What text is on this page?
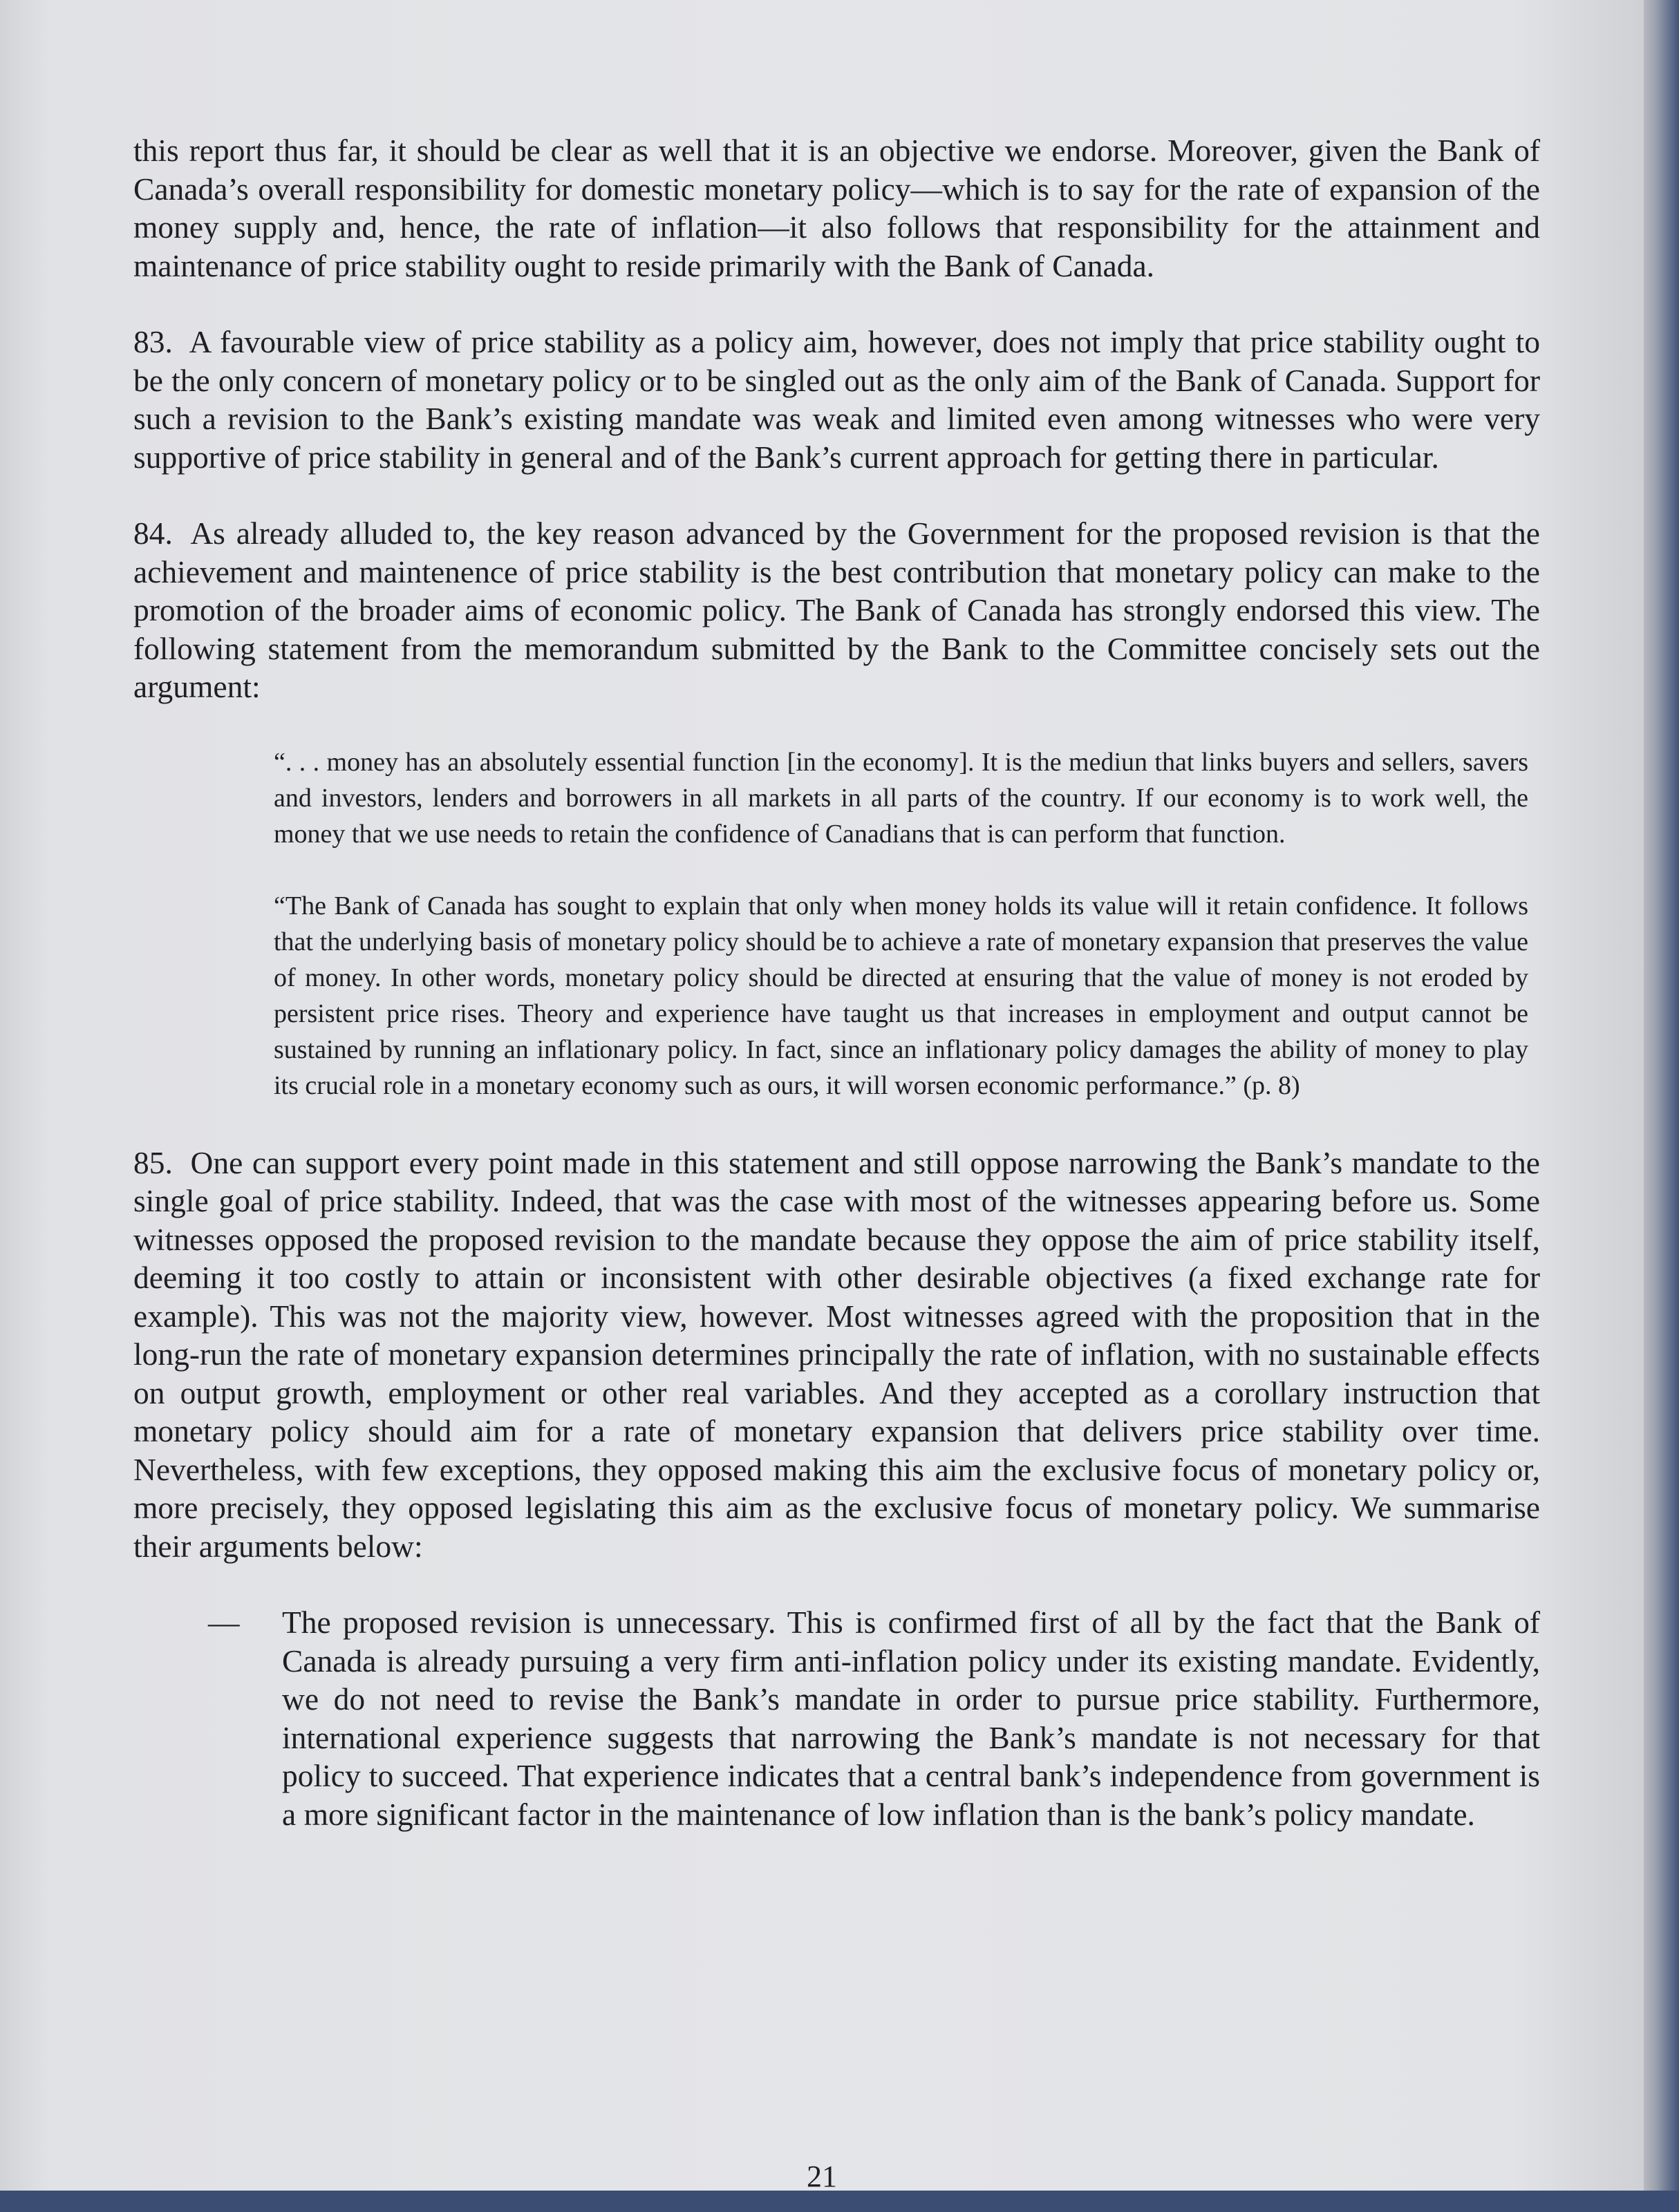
this report thus far, it should be clear as well that it is an objective we endorse. Moreover, given the Bank of Canada’s overall responsibility for domestic monetary policy—which is to say for the rate of expansion of the money supply and, hence, the rate of inflation—it also follows that responsibility for the attainment and maintenance of price stability ought to reside primarily with the Bank of Canada.

83. A favourable view of price stability as a policy aim, however, does not imply that price stability ought to be the only concern of monetary policy or to be singled out as the only aim of the Bank of Canada. Support for such a revision to the Bank’s existing mandate was weak and limited even among witnesses who were very supportive of price stability in general and of the Bank’s current approach for getting there in particular.

84. As already alluded to, the key reason advanced by the Government for the proposed revision is that the achievement and maintenence of price stability is the best contribution that monetary policy can make to the promotion of the broader aims of economic policy. The Bank of Canada has strongly endorsed this view. The following statement from the memorandum submitted by the Bank to the Committee concisely sets out the argument:

“. . . money has an absolutely essential function [in the economy]. It is the mediun that links buyers and sellers, savers and investors, lenders and borrowers in all markets in all parts of the country. If our economy is to work well, the money that we use needs to retain the confidence of Canadians that is can perform that function.

“The Bank of Canada has sought to explain that only when money holds its value will it retain confidence. It follows that the underlying basis of monetary policy should be to achieve a rate of monetary expansion that preserves the value of money. In other words, monetary policy should be directed at ensuring that the value of money is not eroded by persistent price rises. Theory and experience have taught us that increases in employment and output cannot be sustained by running an inflationary policy. In fact, since an inflationary policy damages the ability of money to play its crucial role in a monetary economy such as ours, it will worsen economic performance.” (p. 8)

85. One can support every point made in this statement and still oppose narrowing the Bank’s mandate to the single goal of price stability. Indeed, that was the case with most of the witnesses appearing before us. Some witnesses opposed the proposed revision to the mandate because they oppose the aim of price stability itself, deeming it too costly to attain or inconsistent with other desirable objectives (a fixed exchange rate for example). This was not the majority view, however. Most witnesses agreed with the proposition that in the long-run the rate of monetary expansion determines principally the rate of inflation, with no sustainable effects on output growth, employment or other real variables. And they accepted as a corollary instruction that monetary policy should aim for a rate of monetary expansion that delivers price stability over time. Nevertheless, with few exceptions, they opposed making this aim the exclusive focus of monetary policy or, more precisely, they opposed legislating this aim as the exclusive focus of monetary policy. We summarise their arguments below:

— The proposed revision is unnecessary. This is confirmed first of all by the fact that the Bank of Canada is already pursuing a very firm anti-inflation policy under its existing mandate. Evidently, we do not need to revise the Bank’s mandate in order to pursue price stability. Furthermore, international experience suggests that narrowing the Bank’s mandate is not necessary for that policy to succeed. That experience indicates that a central bank’s independence from government is a more significant factor in the maintenance of low inflation than is the bank’s policy mandate.
21
